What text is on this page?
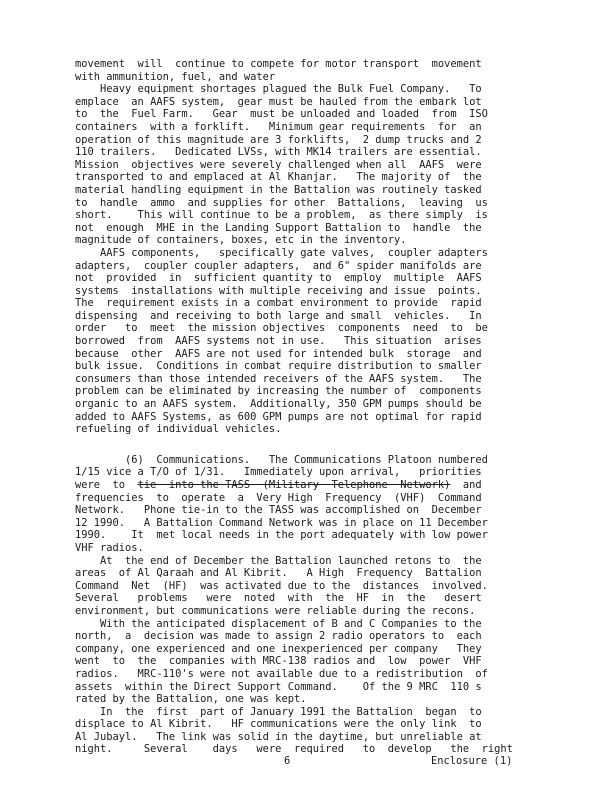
movement  will  continue to compete for motor transport  movement
with ammunition, fuel, and water
Heavy equipment shortages plagued the Bulk Fuel Company.   To
emplace  an AAFS system,  gear must be hauled from the embark lot
to  the  Fuel Farm.   Gear  must be unloaded and loaded  from  ISO
containers  with a forklift.   Minimum gear requirements  for  an
operation of this magnitude are 3 forklifts,  2 dump trucks and 2
110 trailers.   Dedicated LVSs, with MK14 trailers are essential.
Mission  objectives were severely challenged when all  AAFS  were
transported to and emplaced at Al Khanjar.   The majority of  the
material handling equipment in the Battalion was routinely tasked
to  handle  ammo  and supplies for other  Battalions,  leaving  us
short.    This will continue to be a problem,  as there simply  is
not  enough  MHE in the Landing Support Battalion to  handle  the
magnitude of containers, boxes, etc in the inventory.
AAFS components,   specifically gate valves,  coupler adapters
adapters,  coupler coupler adapters,  and 6" spider manifolds are
not  provided  in  sufficient quantity to  employ  multiple  AAFS
systems  installations with multiple receiving and issue  points.
The  requirement exists in a combat environment to provide  rapid
dispensing  and receiving to both large and small  vehicles.   In
order   to  meet  the mission objectives  components  need  to  be
borrowed  from  AAFS systems not in use.   This situation  arises
because  other  AAFS are not used for intended bulk  storage  and
bulk issue.  Conditions in combat require distribution to smaller
consumers than those intended receivers of the AAFS system.   The
problem can be eliminated by increasing the number of  components
organic to an AAFS system.  Additionally, 350 GPM pumps should be
added to AAFS Systems, as 600 GPM pumps are not optimal for rapid
refueling of individual vehicles.
(6)  Communications.   The Communications Platoon numbered
1/15 vice a T/O of 1/31.   Immediately upon arrival,   priorities
were  to  tie  into the TASS  (Military  Telephone  Network)  and
frequencies  to  operate  a  Very High  Frequency  (VHF)  Command
Network.   Phone tie-in to the TASS was accomplished on  December
12 1990.   A Battalion Command Network was in place on 11 December
1990.    It  met local needs in the port adequately with low power
VHF radios.
At  the end of December the Battalion launched retons to  the
areas  of Al Qaraah and Al Kibrit.   A High  Frequency  Battalion
Command  Net  (HF)  was activated due to the  distances  involved.
Several   problems   were  noted  with  the  HF  in  the   desert
environment, but communications were reliable during the recons.
With the anticipated displacement of B and C Companies to the
north,  a  decision was made to assign 2 radio operators to  each
company, one experienced and one inexperienced per company   They
went  to  the  companies with MRC-138 radios and  low  power  VHF
radios.   MRC-110's were not available due to a redistribution  of
assets  within the Direct Support Command.    Of the 9 MRC  110 s
rated by the Battalion, one was kept.
In  the  first  part of January 1991 the Battalion  began  to
displace to Al Kibrit.   HF communications were the only link  to
Al Jubayl.   The link was solid in the daytime, but unreliable at
night.     Several    days   were  required   to  develop   the  right
6	Enclosure (1)
